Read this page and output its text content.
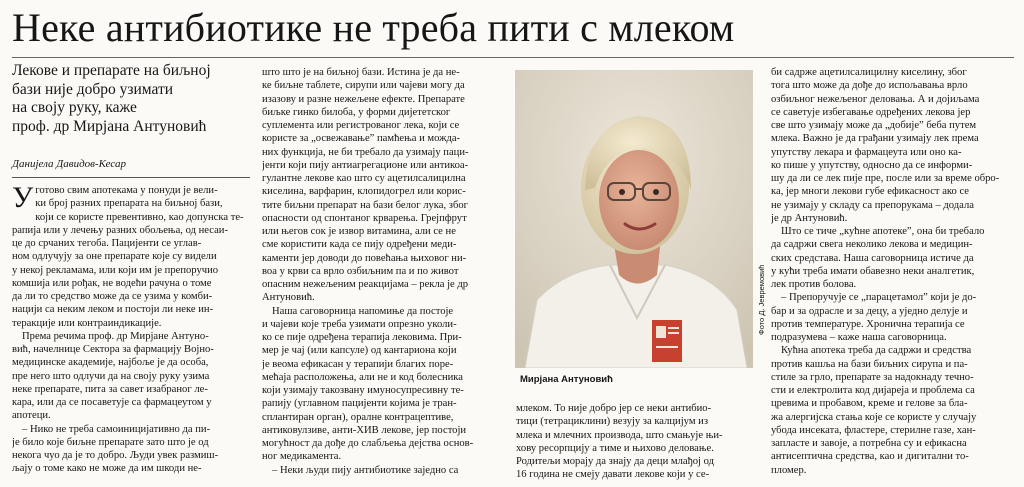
Неке антибиотике не треба пити с млеком

Лекове и препарате на биљној

бази није добро узимати

на своју руку, каже

проф. др Мирјана Антуновић

Данијела Давидов-Кесар

Уготово свим апотекама у понуди је вели-

ки број разних препарата на биљној бази,

који се користе превентивно, као допунска те-

рапија или у лечењу разних обољења, од несаи-

це до срчаних тегоба. Пацијенти се углав-

ном одлучују за оне препарате које су видели

у некој рекламама, или који им је препоручио

комшија или рођак, не водећи рачуна о томе

да ли то средство може да се узима у комби-

нацији са неким леком и постоји ли неке ин-

теракције или контраиндикације.

Према речима проф. др Мирјане Антуно-

вић, начелнице Сектора за фармацију Војно-

медицинске академије, најбоље је да особа,

пре него што одлучи да на своју руку узима

неке препарате, пита за савет изабраног ле-

кара, или да се посаветује са фармацеутом у

апотеци.

– Нико не треба самоиницијативно да пи-

је било које биљне препарате зато што је од

некога чуо да је то добро. Људи увек размиш-

љају о томе како не може да им шкоди не-

што што је на биљној бази. Истина је да не-

ке биљне таблете, сирупи или чајеви могу да

изазову и разне нежељене ефекте. Препарате

биљке гинко билоба, у форми дијететског

суплемента или регистрованог лека, који се

користе за „освежавање” памћења и можда-

них функција, не би требало да узимају паци-

јенти који пију антиагрегационе или антикоа-

гулантне лекове као што су ацетилсалицилна

киселина, варфарин, клопидогрел или корис-

тите биљни препарат на бази белог лука, због

опасности од спонтаног крварења. Грејпфрут

или његов сок је извор витамина, али се не

сме користити када се пију одређени меди-

каменти јер доводи до повећања њиховог ни-

воа у крви са врло озбиљним па и по живот

опасним нежељеним реакцијама – рекла је др

Антуновић.

Наша саговорница напомиње да постоје

и чајеви које треба узимати опрезно уколи-

ко се пије одређена терапија лековима. При-

мер је чај (или капсуле) од кантариона који

је веома ефикасан у терапији благих поре-

мећаја расположења, али не и код болесника

који узимају такозвану имуносупресивну те-

рапију (углавном пацијенти којима је тран-

сплантиран орган), оралне контрацептиве,

антиковулзиве, анти-ХИВ лекове, јер постоји

могућност да дође до слабљења дејства основ-

ног медикамента.

– Неки људи пију антибиотике заједно са

Мирјана Антуновић
Фото Д. Јевремовић

млеком. То није добро јер се неки антибио-

тици (тетрациклини) везују за калцијум из

млека и млечних производа, што смањује њи-

хову ресорпцију а тиме и њихово деловање.

Родитељи морају да знају да деци млађој од

16 година не смеју давати лекове који у се-

би садрже ацетилсалицилну киселину, због

тога што може да дође до испољавања врло

озбиљног нежељеног деловања. А и дојиљама

се саветује избегавање одређених лекова јер

све што узимају може да „добије” беба путем

млека. Важно је да грађани узимају лек према

упутству лекара и фармацеута или оно ка-

ко пише у упутству, односно да се информи-

шу да ли се лек пије пре, после или за време обро-

ка, јер многи лекови губе ефикасност ако се

не узимају у складу са препорукама – додала

је др Антуновић.

Што се тиче „кућне апотеке”, она би требало

да садржи свега неколико лекова и медицин-

ских средстава. Наша саговорница истиче да

у кући треба имати обавезно неки аналгетик,

лек против болова.

– Препоручује се „парацетамол” који је до-

бар и за одрасле и за децу, а уједно делује и

против температуре. Хронична терапија се

подразумева – каже наша саговорница.

Кућна апотека треба да садржи и средства

против кашља на бази биљних сирупа и па-

стиле за грло, препарате за надокнаду течно-

сти и електролита код дијареја и проблема са

цревима и пробавом, креме и гелове за бла-

жа алергијска стања које се користе у случају

убода инсеката, фластере, стерилне газе, хан-

запласте и завоје, а потребна су и ефикасна

антисептична средства, као и дигитални то-

пломер.
